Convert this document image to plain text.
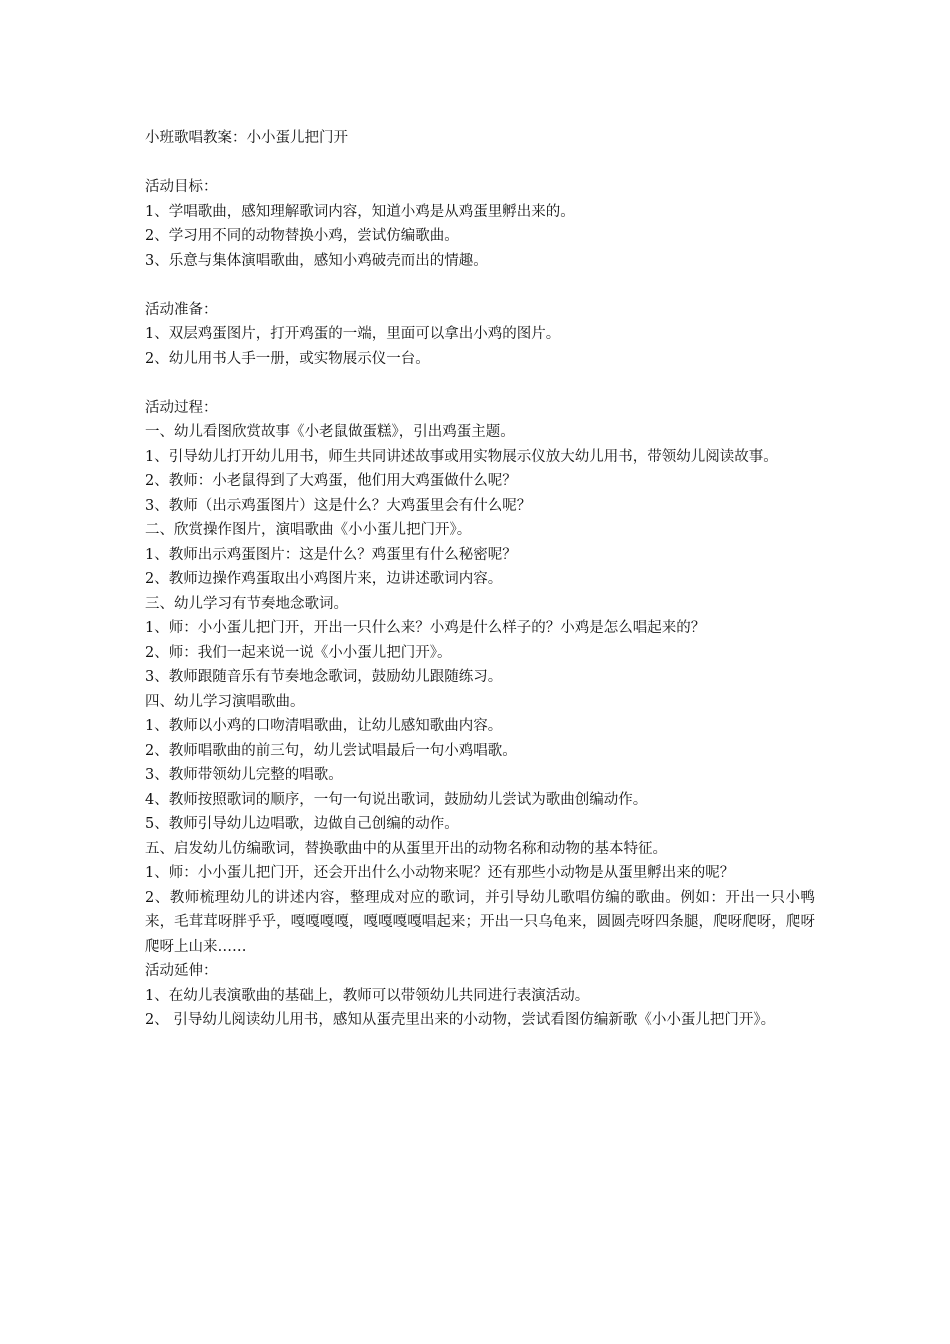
小班歌唱教案：小小蛋儿把门开
活动目标：
1、学唱歌曲，感知理解歌词内容，知道小鸡是从鸡蛋里孵出来的。
2、学习用不同的动物替换小鸡，尝试仿编歌曲。
3、乐意与集体演唱歌曲，感知小鸡破壳而出的情趣。
活动准备：
1、双层鸡蛋图片，打开鸡蛋的一端，里面可以拿出小鸡的图片。
2、幼儿用书人手一册，或实物展示仪一台。
活动过程：
一、幼儿看图欣赏故事《小老鼠做蛋糕》，引出鸡蛋主题。
1、引导幼儿打开幼儿用书，师生共同讲述故事或用实物展示仪放大幼儿用书，带领幼儿阅读故事。
2、教师：小老鼠得到了大鸡蛋，他们用大鸡蛋做什么呢？
3、教师（出示鸡蛋图片）这是什么？大鸡蛋里会有什么呢？
二、欣赏操作图片，演唱歌曲《小小蛋儿把门开》。
1、教师出示鸡蛋图片：这是什么？鸡蛋里有什么秘密呢？
2、教师边操作鸡蛋取出小鸡图片来，边讲述歌词内容。
三、幼儿学习有节奏地念歌词。
1、师：小小蛋儿把门开，开出一只什么来？小鸡是什么样子的？小鸡是怎么唱起来的？
2、师：我们一起来说一说《小小蛋儿把门开》。
3、教师跟随音乐有节奏地念歌词，鼓励幼儿跟随练习。
四、幼儿学习演唱歌曲。
1、教师以小鸡的口吻清唱歌曲，让幼儿感知歌曲内容。
2、教师唱歌曲的前三句，幼儿尝试唱最后一句小鸡唱歌。
3、教师带领幼儿完整的唱歌。
4、教师按照歌词的顺序，一句一句说出歌词，鼓励幼儿尝试为歌曲创编动作。
5、教师引导幼儿边唱歌，边做自己创编的动作。
五、启发幼儿仿编歌词，替换歌曲中的从蛋里开出的动物名称和动物的基本特征。
1、师：小小蛋儿把门开，还会开出什么小动物来呢？还有那些小动物是从蛋里孵出来的呢？
2、教师梳理幼儿的讲述内容，整理成对应的歌词，并引导幼儿歌唱仿编的歌曲。例如：开出一只小鸭来，毛茸茸呀胖乎乎，嘎嘎嘎嘎，嘎嘎嘎嘎唱起来；开出一只乌龟来，圆圆壳呀四条腿，爬呀爬呀，爬呀爬呀上山来……
活动延伸：
1、在幼儿表演歌曲的基础上，教师可以带领幼儿共同进行表演活动。
2、 引导幼儿阅读幼儿用书，感知从蛋壳里出来的小动物，尝试看图仿编新歌《小小蛋儿把门开》。
